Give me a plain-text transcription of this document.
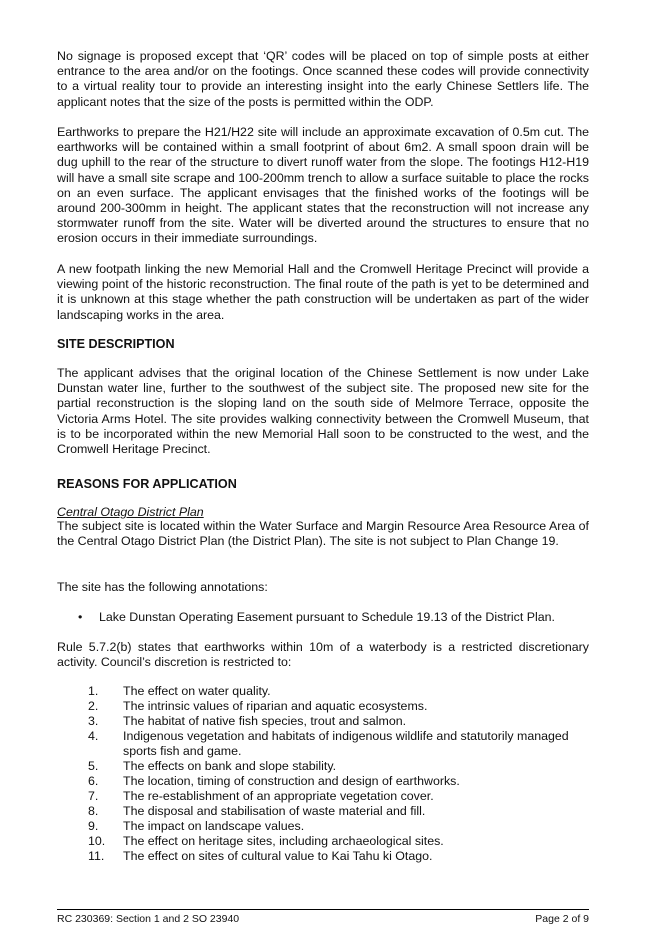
No signage is proposed except that ‘QR’ codes will be placed on top of simple posts at either entrance to the area and/or on the footings. Once scanned these codes will provide connectivity to a virtual reality tour to provide an interesting insight into the early Chinese Settlers life. The applicant notes that the size of the posts is permitted within the ODP.

Earthworks to prepare the H21/H22 site will include an approximate excavation of 0.5m cut. The earthworks will be contained within a small footprint of about 6m2. A small spoon drain will be dug uphill to the rear of the structure to divert runoff water from the slope. The footings H12-H19 will have a small site scrape and 100-200mm trench to allow a surface suitable to place the rocks on an even surface. The applicant envisages that the finished works of the footings will be around 200-300mm in height. The applicant states that the reconstruction will not increase any stormwater runoff from the site. Water will be diverted around the structures to ensure that no erosion occurs in their immediate surroundings.

A new footpath linking the new Memorial Hall and the Cromwell Heritage Precinct will provide a viewing point of the historic reconstruction. The final route of the path is yet to be determined and it is unknown at this stage whether the path construction will be undertaken as part of the wider landscaping works in the area.

SITE DESCRIPTION

The applicant advises that the original location of the Chinese Settlement is now under Lake Dunstan water line, further to the southwest of the subject site. The proposed new site for the partial reconstruction is the sloping land on the south side of Melmore Terrace, opposite the Victoria Arms Hotel. The site provides walking connectivity between the Cromwell Museum, that is to be incorporated within the new Memorial Hall soon to be constructed to the west, and the Cromwell Heritage Precinct.

REASONS FOR APPLICATION

Central Otago District Plan

The subject site is located within the Water Surface and Margin Resource Area Resource Area of the Central Otago District Plan (the District Plan). The site is not subject to Plan Change 19.

The site has the following annotations:

• Lake Dunstan Operating Easement pursuant to Schedule 19.13 of the District Plan.

Rule 5.7.2(b) states that earthworks within 10m of a waterbody is a restricted discretionary activity. Council’s discretion is restricted to:

1. The effect on water quality.
2. The intrinsic values of riparian and aquatic ecosystems.
3. The habitat of native fish species, trout and salmon.
4. Indigenous vegetation and habitats of indigenous wildlife and statutorily managed sports fish and game.
5. The effects on bank and slope stability.
6. The location, timing of construction and design of earthworks.
7. The re-establishment of an appropriate vegetation cover.
8. The disposal and stabilisation of waste material and fill.
9. The impact on landscape values.
10. The effect on heritage sites, including archaeological sites.
11. The effect on sites of cultural value to Kai Tahu ki Otago.
RC 230369: Section 1 and 2 SO 23940	Page 2 of 9
